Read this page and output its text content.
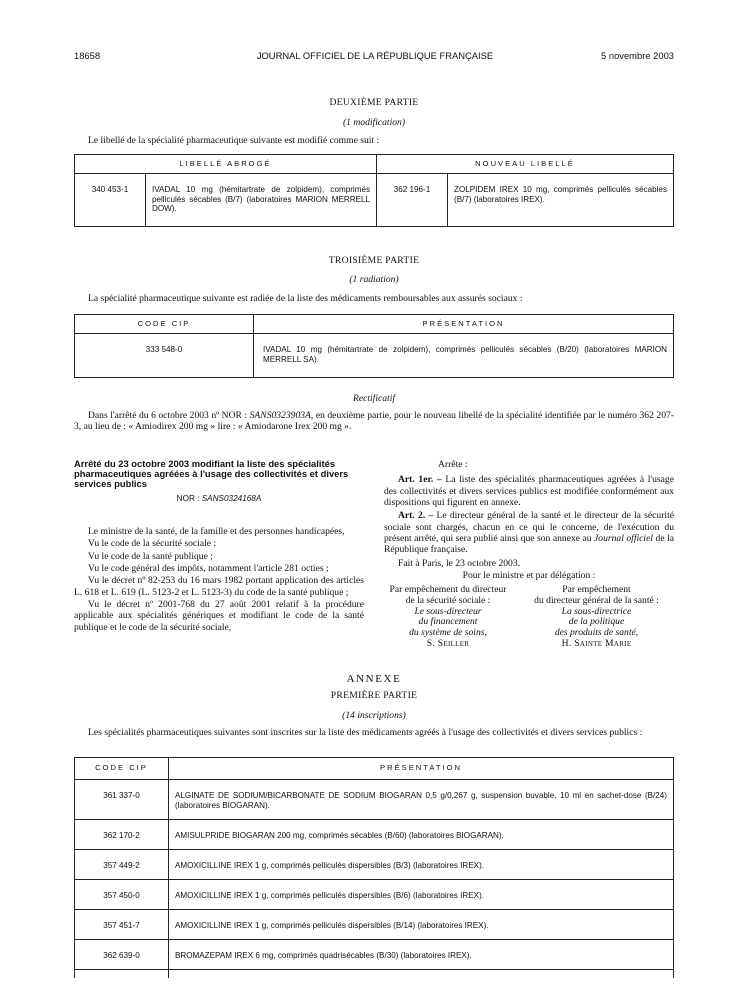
18658	JOURNAL OFFICIEL DE LA RÉPUBLIQUE FRANÇAISE	5 novembre 2003
DEUXIÈME PARTIE
(1 modification)
Le libellé de la spécialité pharmaceutique suivante est modifié comme suit :
LIBELLÉ ABROGÉ		NOUVEAU LIBELLÉ	
340 453-1	IVADAL 10 mg (hémitartrate de zolpidem), comprimés pelliculés sécables (B/7) (laboratoires MARION MERRELL DOW).	362 196-1	ZOLPIDEM IREX 10 mg, comprimés pelliculés sécables (B/7) (laboratoires IREX).
TROISIÈME PARTIE
(1 radiation)
La spécialité pharmaceutique suivante est radiée de la liste des médicaments remboursables aux assurés sociaux :
CODE CIP	PRÉSENTATION
333 548-0	IVADAL 10 mg (hémitartrate de zolpidem), comprimés pelliculés sécables (B/20) (laboratoires MARION MERRELL SA).
Rectificatif
Dans l'arrêté du 6 octobre 2003 nº NOR : SANS0323903A, en deuxième partie, pour le nouveau libellé de la spécialité identifiée par le numéro 362 207-3, au lieu de : « Amiodirex 200 mg » lire : « Amiodarone Irex 200 mg ».

Arrêté du 23 octobre 2003 modifiant la liste des spécialités pharmaceutiques agréées à l'usage des collectivités et divers services publics

NOR : SANS0324168A

Le ministre de la santé, de la famille et des personnes handicapées,

Vu le code de la sécurité sociale ;

Vu le code de la santé publique ;

Vu le code général des impôts, notamment l'article 281 octies ;

Vu le décret nº 82-253 du 16 mars 1982 portant application des articles L. 618 et L. 619 (L. 5123-2 et L. 5123-3) du code de la santé publique ;

Vu le décret nº 2001-768 du 27 août 2001 relatif à la procédure applicable aux spécialités génériques et modifiant le code de la santé publique et le code de la sécurité sociale,

Arrête :

Art. 1er. – La liste des spécialités pharmaceutiques agréées à l'usage des collectivités et divers services publics est modifiée conformément aux dispositions qui figurent en annexe.

Art. 2. – Le directeur général de la santé et le directeur de la sécurité sociale sont chargés, chacun en ce qui le concerne, de l'exécution du présent arrêté, qui sera publié ainsi que son annexe au Journal officiel de la République française.

Fait à Paris, le 23 octobre 2003.

Pour le ministre et par délégation :

Par empêchement du directeur
de la sécurité sociale :
Le sous-directeur
du financement
du système de soins,
S. Seiller
Par empêchement
du directeur général de la santé :
La sous-directrice
de la politique
des produits de santé,
H. Sainte Marie
ANNEXE
PREMIÈRE PARTIE
(14 inscriptions)
Les spécialités pharmaceutiques suivantes sont inscrites sur la liste des médicaments agréés à l'usage des collectivités et divers services publics :
CODE CIP	PRÉSENTATION
361 337-0	ALGINATE DE SODIUM/BICARBONATE DE SODIUM BIOGARAN 0,5 g/0,267 g, suspension buvable, 10 ml en sachet-dose (B/24) (laboratoires BIOGARAN).
362 170-2	AMISULPRIDE BIOGARAN 200 mg, comprimés sécables (B/60) (laboratoires BIOGARAN).
357 449-2	AMOXICILLINE IREX 1 g, comprimés pelliculés dispersibles (B/3) (laboratoires IREX).
357 450-0	AMOXICILLINE IREX 1 g, comprimés pelliculés dispersibles (B/6) (laboratoires IREX).
357 451-7	AMOXICILLINE IREX 1 g, comprimés pelliculés dispersibles (B/14) (laboratoires IREX).
362 639-0	BROMAZEPAM IREX 6 mg, comprimés quadrisécables (B/30) (laboratoires IREX).
